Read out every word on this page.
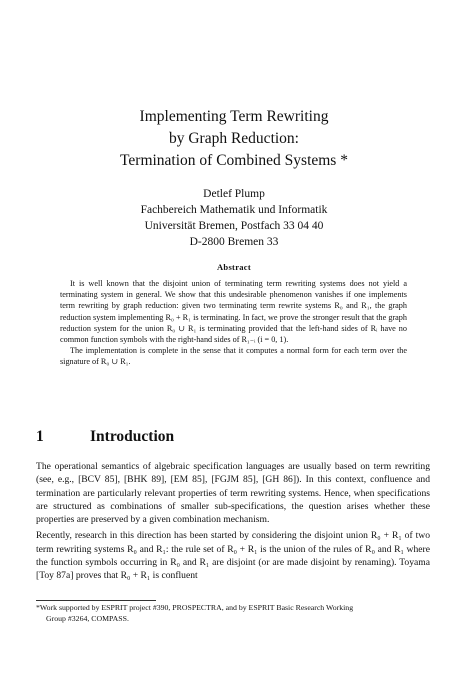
Implementing Term Rewriting
by Graph Reduction:
Termination of Combined Systems *
Detlef Plump
Fachbereich Mathematik und Informatik
Universität Bremen, Postfach 33 04 40
D-2800 Bremen 33
Abstract

It is well known that the disjoint union of terminating term rewriting systems does not yield a terminating system in general. We show that this undesirable phenomenon vanishes if one implements term rewriting by graph reduction: given two terminating term rewrite systems R₀ and R₁, the graph reduction system implementing R₀ + R₁ is terminating. In fact, we prove the stronger result that the graph reduction system for the union R₀ ∪ R₁ is terminating provided that the left-hand sides of Rᵢ have no common function symbols with the right-hand sides of R₁₋ᵢ (i = 0, 1).

The implementation is complete in the sense that it computes a normal form for each term over the signature of R₀ ∪ R₁.

1	Introduction

The operational semantics of algebraic specification languages are usually based on term rewriting (see, e.g., [BCV 85], [BHK 89], [EM 85], [FGJM 85], [GH 86]). In this context, confluence and termination are particularly relevant properties of term rewriting systems. Hence, when specifications are structured as combinations of smaller sub-specifications, the question arises whether these properties are preserved by a given combination mechanism.

Recently, research in this direction has been started by considering the disjoint union R₀ + R₁ of two term rewriting systems R₀ and R₁: the rule set of R₀ + R₁ is the union of the rules of R₀ and R₁ where the function symbols occurring in R₀ and R₁ are disjoint (or are made disjoint by renaming). Toyama [Toy 87a] proves that R₀ + R₁ is confluent

*Work supported by ESPRIT project #390, PROSPECTRA, and by ESPRIT Basic Research Working
Group #3264, COMPASS.
